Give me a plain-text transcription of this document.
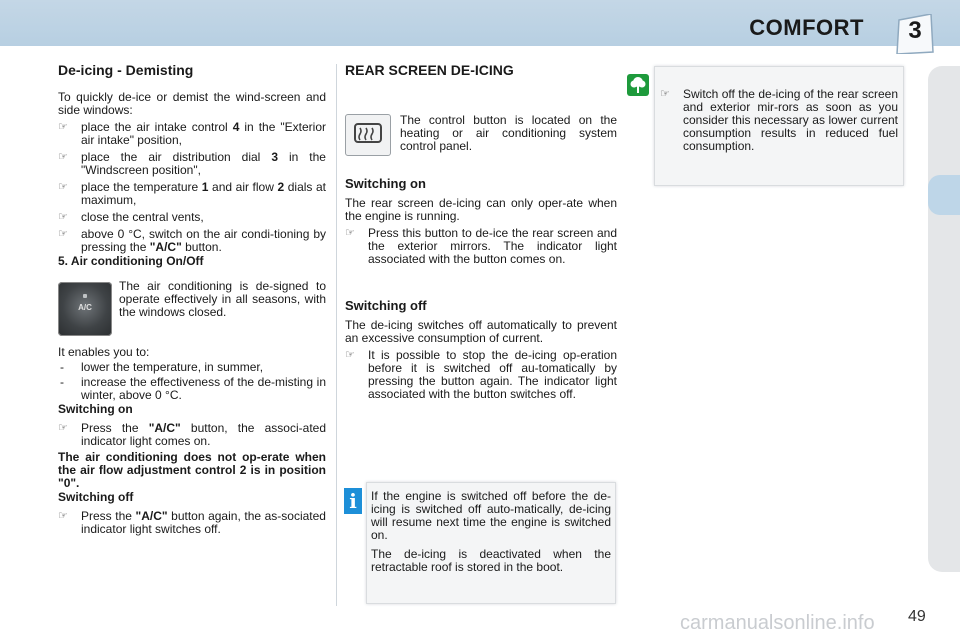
COMFORT	3
De-icing - Demisting

To quickly de-ice or demist the wind-screen and side windows:

☞ place the air intake control 4 in the "Exterior air intake" position,
☞ place the air distribution dial 3 in the "Windscreen position",
☞ place the temperature 1 and air flow 2 dials at maximum,
☞ close the central vents,
☞ above 0 °C, switch on the air condi-tioning by pressing the "A/C" button.
5. Air conditioning On/Off
A/C

The air conditioning is de-signed to operate effectively in all seasons, with the windows closed.

It enables you to:

- lower the temperature, in summer,
- increase the effectiveness of the de-misting in winter, above 0 °C.
Switching on
☞ Press the "A/C" button, the associ-ated indicator light comes on.

The air conditioning does not op-erate when the air flow adjustment control 2 is in position "0".

Switching off
☞ Press the "A/C" button again, the as-sociated indicator light switches off.
REAR SCREEN DE-ICING

The control button is located on the heating or air conditioning system control panel.

Switching on

The rear screen de-icing can only oper-ate when the engine is running.

☞ Press this button to de-ice the rear screen and the exterior mirrors. The indicator light associated with the button comes on.
Switching off

The de-icing switches off automatically to prevent an excessive consumption of current.

☞ It is possible to stop the de-icing op-eration before it is switched off au-tomatically by pressing the button again. The indicator light associated with the button switches off.
i	If the engine is switched off before the de-icing is switched off auto-matically, de-icing will resume next time the engine is switched on.

The de-icing is deactivated when the retractable roof is stored in the boot.

☞ Switch off the de-icing of the rear screen and exterior mir-rors as soon as you consider this necessary as lower current consumption results in reduced fuel consumption.
carmanualsonline.info 49
